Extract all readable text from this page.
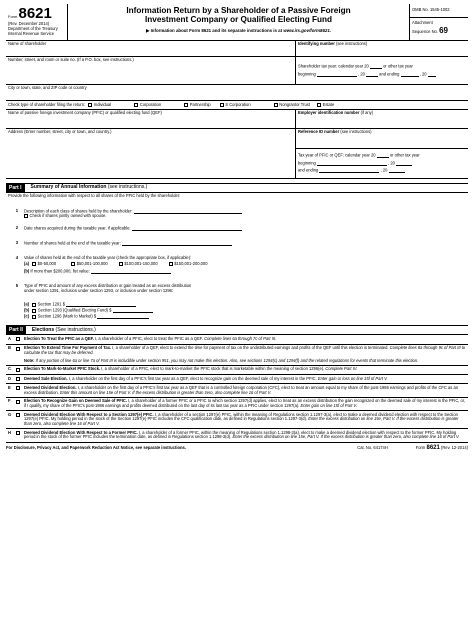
Form 8621
(Rev. December 2014)
Department of the Treasury
Internal Revenue Service
Information Return by a Shareholder of a Passive Foreign
Investment Company or Qualified Electing Fund
▶ Information about Form 8621 and its separate instructions is at www.irs.gov/form8621.
OMB No. 1545-1002
Attachment
Sequence No. 69
Name of shareholder	Identifying number (see instructions)
Number, street, and room or suite no. (If a P.O. box, see instructions.)
Shareholder tax year: calendar year 20	or other tax year
beginning	, 20	and ending	, 20
City or town, state, and ZIP code or country
Check type of shareholder filing the return: Individual	Corporation	Partnership	S Corporation	Nongrantor Trust	Estate
Name of passive foreign investment company (PFIC) or qualified electing fund (QEF)	Employer identification number (if any)
Address (Enter number, street, city or town, and country.)	Reference ID number (see instructions)
Tax year of PFIC or QEF: calendar year 20	or other tax year
beginning	, 20
and ending	, 20
Part I	Summary of Annual Information (see instructions.)
Provide the following information with respect to all shares of the PFIC held by the shareholder:
1	Description of each class of shares held by the shareholder:
Check if shares jointly owned with spouse.
2	Date shares acquired during the taxable year, if applicable:
3	Number of shares held at the end of the taxable year:
4	Value of shares held at the end of the taxable year (check the appropriate box, if applicable):
(a) $0-50,000	$50,001-100,000	$100,001-150,000	$150,001-200,000
(b) If more than $200,000, list value:
5	Type of PFIC and amount of any excess distribution or gain treated as an excess distribution
under section 1291, inclusion under section 1293, or inclusion under section 1296:
(a) Section 1291 $
(b) Section 1293 (Qualified Electing Fund) $
(c) Section 1296 (Mark to Market) $
Part II	Elections (See instructions.)
A	Election To Treat the PFIC as a QEF. I, a shareholder of a PFIC, elect to treat the PFIC as a QEF. Complete lines 6a through 7c of Part III.
B	Election To Extend Time For Payment of Tax. I, a shareholder of a QEF, elect to extend the time for payment of tax on the undistributed earnings and profits of the QEF until this election is terminated. Complete lines 8a through 9c of Part III to calculate the tax that may be deferred.
Note: If any portion of line 6a or line 7a of Part III is includible under section 951, you may not make this election. Also, see sections 1294(c) and 1294(f) and the related regulations for events that terminate this election.
C	Election To Mark-to-Market PFIC Stock. I, a shareholder of a PFIC, elect to mark-to-market the PFIC stock that is marketable within the meaning of section 1296(e). Complete Part IV.
D	Deemed Sale Election. I, a shareholder on the first day of a PFIC's first tax year as a QEF, elect to recognize gain on the deemed sale of my interest in the PFIC. Enter gain or loss on line 15f of Part V.
E	Deemed Dividend Election. I, a shareholder on the first day of a PFIC's first tax year as a QEF that is a controlled foreign corporation (CFC), elect to treat an amount equal to my share of the post-1986 earnings and profits of the CFC as an excess distribution. Enter this amount on line 15e of Part V. If the excess distribution is greater than zero, also complete line 16 of Part V.
F	Election To Recognize Gain on Deemed Sale of PFIC. I, a shareholder of a former PFIC or a PFIC to which section 1297(d) applies, elect to treat as an excess distribution the gain recognized on the deemed sale of my interest in the PFIC, or, if I qualify, my share of the PFIC's post-1986 earnings and profits deemed distributed on the last day of its last tax year as a PFIC under section 1297(a). Enter gain on line 15f of Part V.
G	Deemed Dividend Election With Respect to a Section 1297(e) PFIC. I, a shareholder of a section 1297(e) PFIC, within the meaning of Regulations section 1.1297-3(a), elect to make a deemed dividend election with respect to the Section 1297(e) PFIC. My holding period in the stock of the Section 1297(e) PFIC includes the CFC qualification date, as defined in Regulations section 1.1297-3(d). Enter the excess distribution on line 15e, Part V. If the excess distribution is greater than zero, also complete line 16 of Part V.
H	Deemed Dividend Election With Respect to a Former PFIC. I, a shareholder of a former PFIC, within the meaning of Regulations section 1.1298-3(a), elect to make a deemed dividend election with respect to the former PFIC. My holding period in the stock of the former PFIC includes the termination date, as defined in Regulations section 1.1298-3(d). Enter the excess distribution on line 15e, Part V. If the excess distribution is greater than zero, also complete line 16 of Part V.
For Disclosure, Privacy Act, and Paperwork Reduction Act Notice, see separate instructions.	Cat. No. 64174H	Form 8621 (Rev. 12-2014)
